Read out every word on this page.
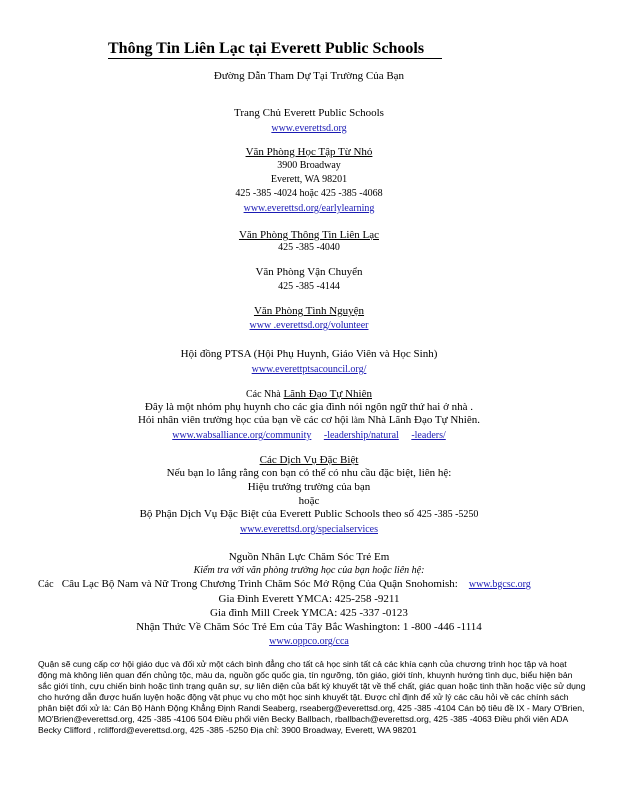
Thông Tin Liên Lạc tại Everett Public Schools
Đường Dẫn Tham Dự Tại Trường Của Bạn
Trang Chủ Everett Public Schools
www.everettsd.org
Văn Phòng Học Tập Từ Nhỏ
3900 Broadway
Everett, WA 98201
425 -385 -4024 hoặc 425 -385 -4068
www.everettsd.org/earlylearning
Văn Phòng Thông Tin Liên Lạc
425 -385 -4040
Văn Phòng Vận Chuyển
425 -385 -4144
Văn Phòng Tình Nguyện
www .everettsd.org/volunteer
Hội đồng PTSA (Hội Phụ Huynh, Giáo Viên và Học Sinh)
www.everettptsacouncil.org/
Các Nhà Lãnh Đạo Tự Nhiên
Đây là một nhóm phụ huynh cho các gia đình nói ngôn ngữ thứ hai ở nhà .
Hỏi nhân viên trường học của bạn về các cơ hội làm Nhà Lãnh Đạo Tự Nhiên.
www.wabsalliance.org/community -leadership/natural -leaders/
Các Dịch Vụ Đặc Biệt
Nếu bạn lo lắng rằng con bạn có thể có nhu cầu đặc biệt, liên hệ:
Hiệu trưởng trường của bạn
hoặc
Bộ Phận Dịch Vụ Đặc Biệt của Everett Public Schools theo số 425 -385 -5250
www.everettsd.org/specialservices
Nguồn Nhân Lực Chăm Sóc Trẻ Em
Kiểm tra với văn phòng trường học của bạn hoặc liên hệ:
Các Câu Lạc Bộ Nam và Nữ Trong Chương Trình Chăm Sóc Mở Rộng Của Quận Snohomish: www.bgcsc.org
Gia Đình Everett YMCA: 425-258 -9211
Gia đình Mill Creek YMCA: 425 -337 -0123
Nhận Thức Về Chăm Sóc Trẻ Em của Tây Bắc Washington: 1 -800 -446 -1114
www.oppco.org/cca
Quận sẽ cung cấp cơ hội giáo dục và đối xử một cách bình đẳng cho tất cả học sinh tất cả các khía cạnh của chương trình học tập và hoạt động mà không liên quan đến chủng tộc, màu da, nguồn gốc quốc gia, tín ngưỡng, tôn giáo, giới tính, khuynh hướng tình dục, biểu hiện bản sắc giới tính, cựu chiến binh hoặc tình trạng quân sự, sự liên diện của bất kỳ khuyết tật về thể chất, giác quan hoặc tinh thần hoặc việc sử dụng cho hướng dẫn được huấn luyện hoặc động vật phục vụ cho một học sinh khuyết tật. Được chỉ định để xử lý các câu hỏi về các chính sách phân biệt đối xử là: Cán Bộ Hành Động Khẳng Định Randi Seaberg, rseaberg@everettsd.org, 425 -385 -4104 Cán bộ tiêu đề IX - Mary O'Brien, MO'Brien@everettsd.org, 425 -385 -4106 504 Điều phối viên Becky Ballbach, rballbach@everettsd.org, 425 -385 -4063 Điều phối viên ADA Becky Clifford , rclifford@everettsd.org, 425 -385 -5250 Địa chỉ: 3900 Broadway, Everett, WA 98201
